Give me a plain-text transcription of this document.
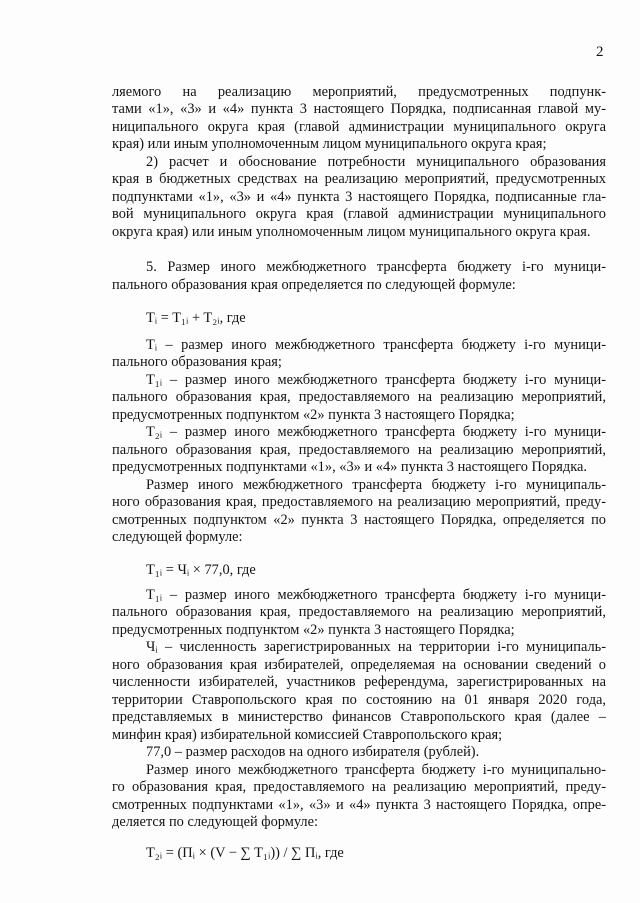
2
ляемого на реализацию мероприятий, предусмотренных подпунк-
тами «1», «3» и «4» пункта 3 настоящего Порядка, подписанная главой му-
ниципального округа края (главой администрации муниципального округа
края) или иным уполномоченным лицом муниципального округа края;
2) расчет и обоснование потребности муниципального образования
края в бюджетных средствах на реализацию мероприятий, предусмотренных
подпунктами «1», «3» и «4» пункта 3 настоящего Порядка, подписанные гла-
вой муниципального округа края (главой администрации муниципального
округа края) или иным уполномоченным лицом муниципального округа края.
5. Размер иного межбюджетного трансферта бюджету i-го муници-
пального образования края определяется по следующей формуле:
Tᵢ = T₁ᵢ + T₂ᵢ, где
Tᵢ – размер иного межбюджетного трансферта бюджету i-го муници-
пального образования края;
T₁ᵢ – размер иного межбюджетного трансферта бюджету i-го муници-
пального образования края, предоставляемого на реализацию мероприятий,
предусмотренных подпунктом «2» пункта 3 настоящего Порядка;
T₂ᵢ – размер иного межбюджетного трансферта бюджету i-го муници-
пального образования края, предоставляемого на реализацию мероприятий,
предусмотренных подпунктами «1», «3» и «4» пункта 3 настоящего Порядка.
Размер иного межбюджетного трансферта бюджету i-го муниципаль-
ного образования края, предоставляемого на реализацию мероприятий, преду-
смотренных подпунктом «2» пункта 3 настоящего Порядка, определяется по
следующей формуле:
T₁ᵢ = Чᵢ × 77,0, где
T₁ᵢ – размер иного межбюджетного трансферта бюджету i-го муници-
пального образования края, предоставляемого на реализацию мероприятий,
предусмотренных подпунктом «2» пункта 3 настоящего Порядка;
Чᵢ – численность зарегистрированных на территории i-го муниципаль-
ного образования края избирателей, определяемая на основании сведений о
численности избирателей, участников референдума, зарегистрированных на
территории Ставропольского края по состоянию на 01 января 2020 года,
представляемых в министерство финансов Ставропольского края (далее –
минфин края) избирательной комиссией Ставропольского края;
77,0 – размер расходов на одного избирателя (рублей).
Размер иного межбюджетного трансферта бюджету i-го муниципально-
го образования края, предоставляемого на реализацию мероприятий, преду-
смотренных подпунктами «1», «3» и «4» пункта 3 настоящего Порядка, опре-
деляется по следующей формуле:
T₂ᵢ = (Пᵢ × (V − ∑ T₁ᵢ)) / ∑ Пᵢ, где
